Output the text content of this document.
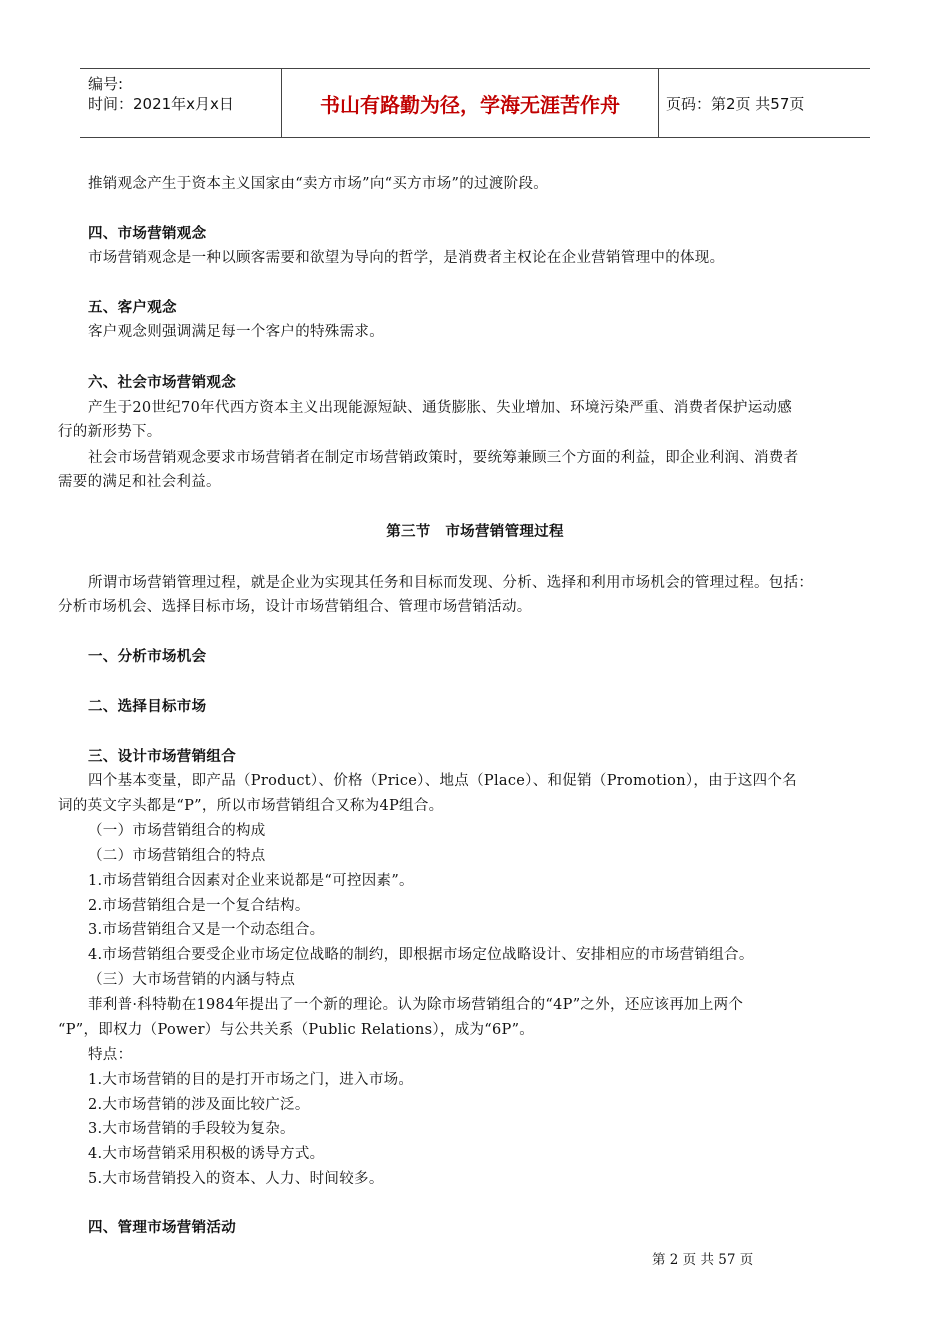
编号:
时间：2021年x月x日	书山有路勤为径，学海无涯苦作舟	页码：第2页 共57页
推销观念产生于资本主义国家由“卖方市场”向“买方市场”的过渡阶段。
四、市场营销观念
市场营销观念是一种以顾客需要和欲望为导向的哲学，是消费者主权论在企业营销管理中的体现。
五、客户观念
客户观念则强调满足每一个客户的特殊需求。
六、社会市场营销观念
产生于20世纪70年代西方资本主义出现能源短缺、通货膨胀、失业增加、环境污染严重、消费者保护运动感
行的新形势下。
社会市场营销观念要求市场营销者在制定市场营销政策时，要统筹兼顾三个方面的利益，即企业利润、消费者
需要的满足和社会利益。
第三节　市场营销管理过程
所谓市场营销管理过程，就是企业为实现其任务和目标而发现、分析、选择和利用市场机会的管理过程。包括：
分析市场机会、选择目标市场，设计市场营销组合、管理市场营销活动。
一、分析市场机会
二、选择目标市场
三、设计市场营销组合
四个基本变量，即产品（Product）、价格（Price）、地点（Place）、和促销（Promotion），由于这四个名
词的英文字头都是“P”，所以市场营销组合又称为4P组合。
（一）市场营销组合的构成
（二）市场营销组合的特点
1.市场营销组合因素对企业来说都是“可控因素”。
2.市场营销组合是一个复合结构。
3.市场营销组合又是一个动态组合。
4.市场营销组合要受企业市场定位战略的制约，即根据市场定位战略设计、安排相应的市场营销组合。
（三）大市场营销的内涵与特点
菲利普·科特勒在1984年提出了一个新的理论。认为除市场营销组合的“4P”之外，还应该再加上两个
“P”，即权力（Power）与公共关系（Public Relations），成为“6P”。
特点：
1.大市场营销的目的是打开市场之门，进入市场。
2.大市场营销的涉及面比较广泛。
3.大市场营销的手段较为复杂。
4.大市场营销采用积极的诱导方式。
5.大市场营销投入的资本、人力、时间较多。
四、管理市场营销活动
第 2 页 共 57 页
